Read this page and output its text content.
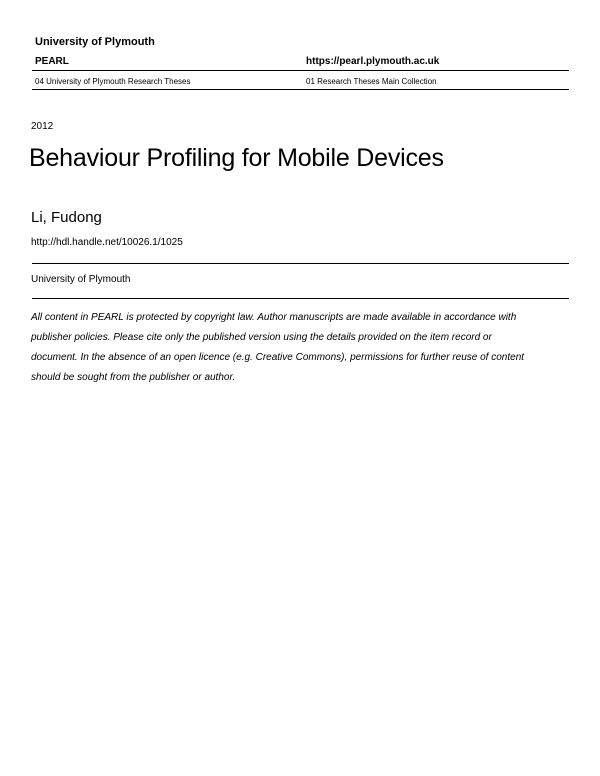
University of Plymouth
PEARL	https://pearl.plymouth.ac.uk
04 University of Plymouth Research Theses	01 Research Theses Main Collection
2012
Behaviour Profiling for Mobile Devices
Li, Fudong
http://hdl.handle.net/10026.1/1025
University of Plymouth
All content in PEARL is protected by copyright law. Author manuscripts are made available in accordance with
publisher policies. Please cite only the published version using the details provided on the item record or
document. In the absence of an open licence (e.g. Creative Commons), permissions for further reuse of content
should be sought from the publisher or author.
